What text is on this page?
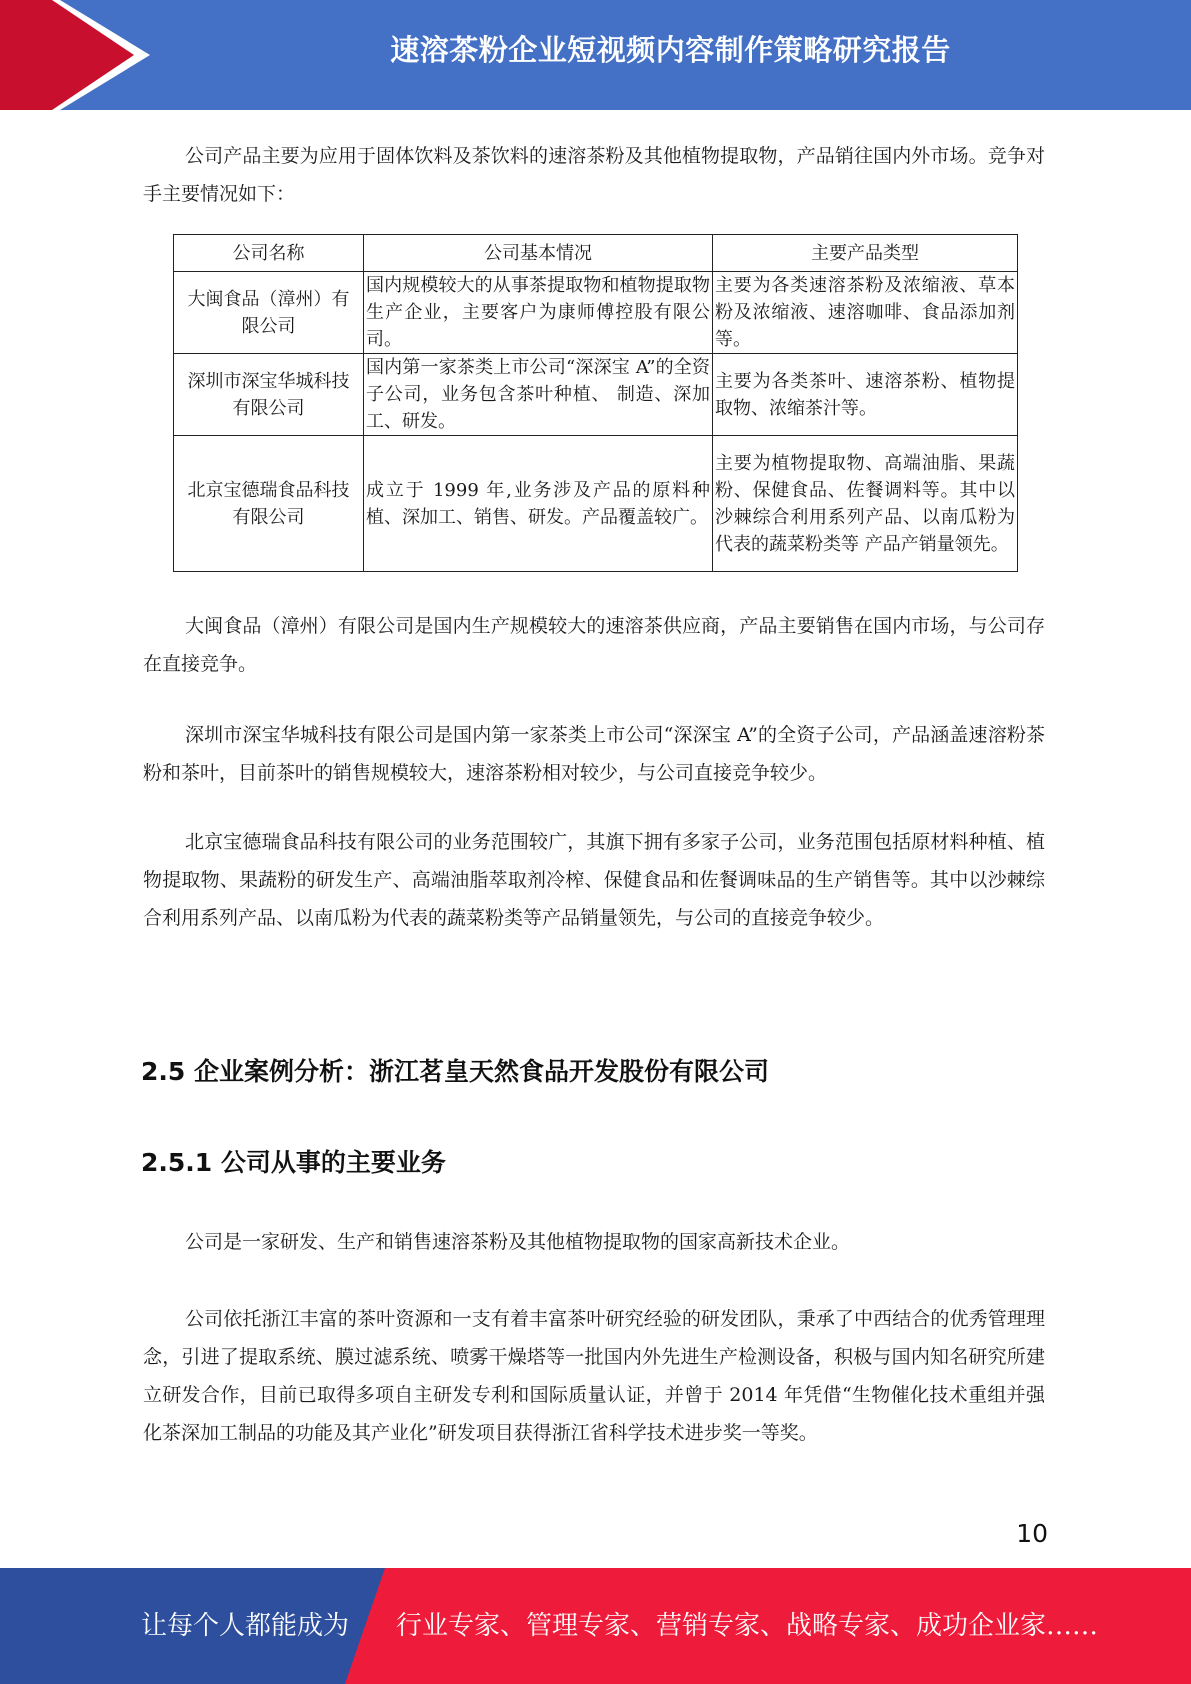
速溶茶粉企业短视频内容制作策略研究报告

公司产品主要为应用于固体饮料及茶饮料的速溶茶粉及其他植物提取物，产品销往国内外市场。竞争对手主要情况如下：

公司名称	公司基本情况	主要产品类型
大闽食品（漳州）有限公司	国内规模较大的从事茶提取物和植物提取物生产企业，主要客户为康师傅控股有限公司。	主要为各类速溶茶粉及浓缩液、草本粉及浓缩液、速溶咖啡、食品添加剂等。
深圳市深宝华城科技有限公司	国内第一家茶类上市公司“深深宝 A”的全资子公司，业务包含茶叶种植、 制造、深加工、研发。	主要为各类茶叶、速溶茶粉、植物提取物、浓缩茶汁等。
北京宝德瑞食品科技有限公司	成立于 1999 年,业务涉及产品的原料种植、深加工、销售、研发。产品覆盖较广。	主要为植物提取物、高端油脂、果蔬粉、保健食品、佐餐调料等。其中以沙棘综合利用系列产品、以南瓜粉为代表的蔬菜粉类等 产品产销量领先。

大闽食品（漳州）有限公司是国内生产规模较大的速溶茶供应商，产品主要销售在国内市场，与公司存在直接竞争。

深圳市深宝华城科技有限公司是国内第一家茶类上市公司“深深宝 A”的全资子公司，产品涵盖速溶粉茶粉和茶叶，目前茶叶的销售规模较大，速溶茶粉相对较少，与公司直接竞争较少。

北京宝德瑞食品科技有限公司的业务范围较广，其旗下拥有多家子公司，业务范围包括原材料种植、植物提取物、果蔬粉的研发生产、高端油脂萃取剂冷榨、保健食品和佐餐调味品的生产销售等。其中以沙棘综合利用系列产品、以南瓜粉为代表的蔬菜粉类等产品销量领先，与公司的直接竞争较少。

2.5 企业案例分析：浙江茗皇天然食品开发股份有限公司
2.5.1 公司从事的主要业务

公司是一家研发、生产和销售速溶茶粉及其他植物提取物的国家高新技术企业。

公司依托浙江丰富的茶叶资源和一支有着丰富茶叶研究经验的研发团队，秉承了中西结合的优秀管理理念，引进了提取系统、膜过滤系统、喷雾干燥塔等一批国内外先进生产检测设备，积极与国内知名研究所建立研发合作，目前已取得多项自主研发专利和国际质量认证，并曾于 2014 年凭借“生物催化技术重组并强化茶深加工制品的功能及其产业化”研发项目获得浙江省科学技术进步奖一等奖。

10
让每个人都能成为 行业专家、管理专家、营销专家、战略专家、成功企业家……
